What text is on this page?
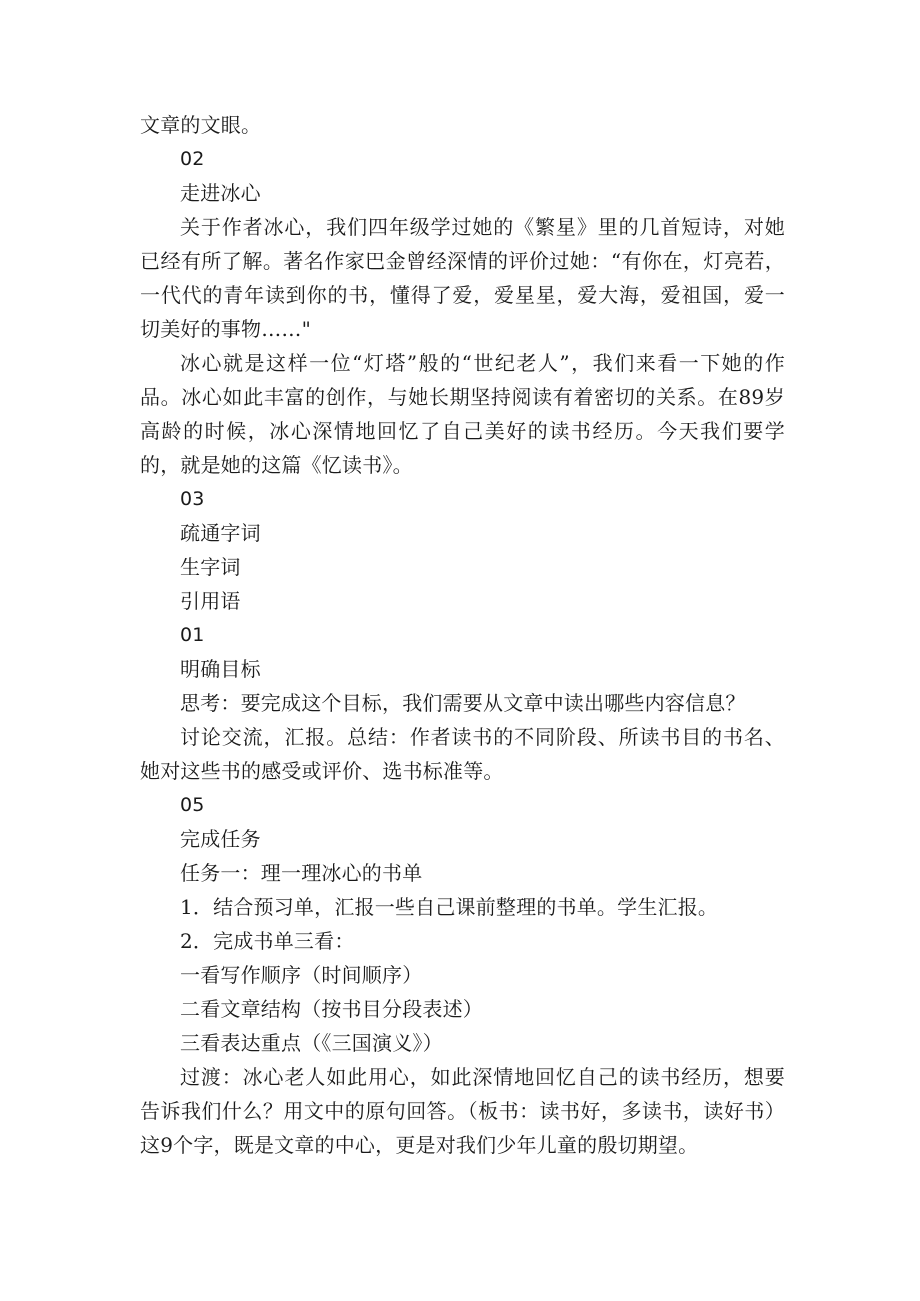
文章的文眼。
02
走进冰心
关于作者冰心，我们四年级学过她的《繁星》里的几首短诗，对她已经有所了解。著名作家巴金曾经深情的评价过她：“有你在，灯亮若，一代代的青年读到你的书，懂得了爱，爱星星，爱大海，爱祖国，爱一切美好的事物……"
冰心就是这样一位“灯塔”般的“世纪老人”，我们来看一下她的作品。冰心如此丰富的创作，与她长期坚持阅读有着密切的关系。在89岁高龄的时候，冰心深情地回忆了自己美好的读书经历。今天我们要学的，就是她的这篇《忆读书》。
03
疏通字词
生字词
引用语
01
明确目标
思考：要完成这个目标，我们需要从文章中读出哪些内容信息？
讨论交流，汇报。总结：作者读书的不同阶段、所读书目的书名、她对这些书的感受或评价、选书标准等。
05
完成任务
任务一：理一理冰心的书单
1．结合预习单，汇报一些自己课前整理的书单。学生汇报。
2．完成书单三看：
一看写作顺序（时间顺序）
二看文章结构（按书目分段表述）
三看表达重点（《三国演义》）
过渡：冰心老人如此用心，如此深情地回忆自己的读书经历，想要告诉我们什么？用文中的原句回答。（板书：读书好，多读书，读好书）这9个字，既是文章的中心，更是对我们少年儿童的殷切期望。
